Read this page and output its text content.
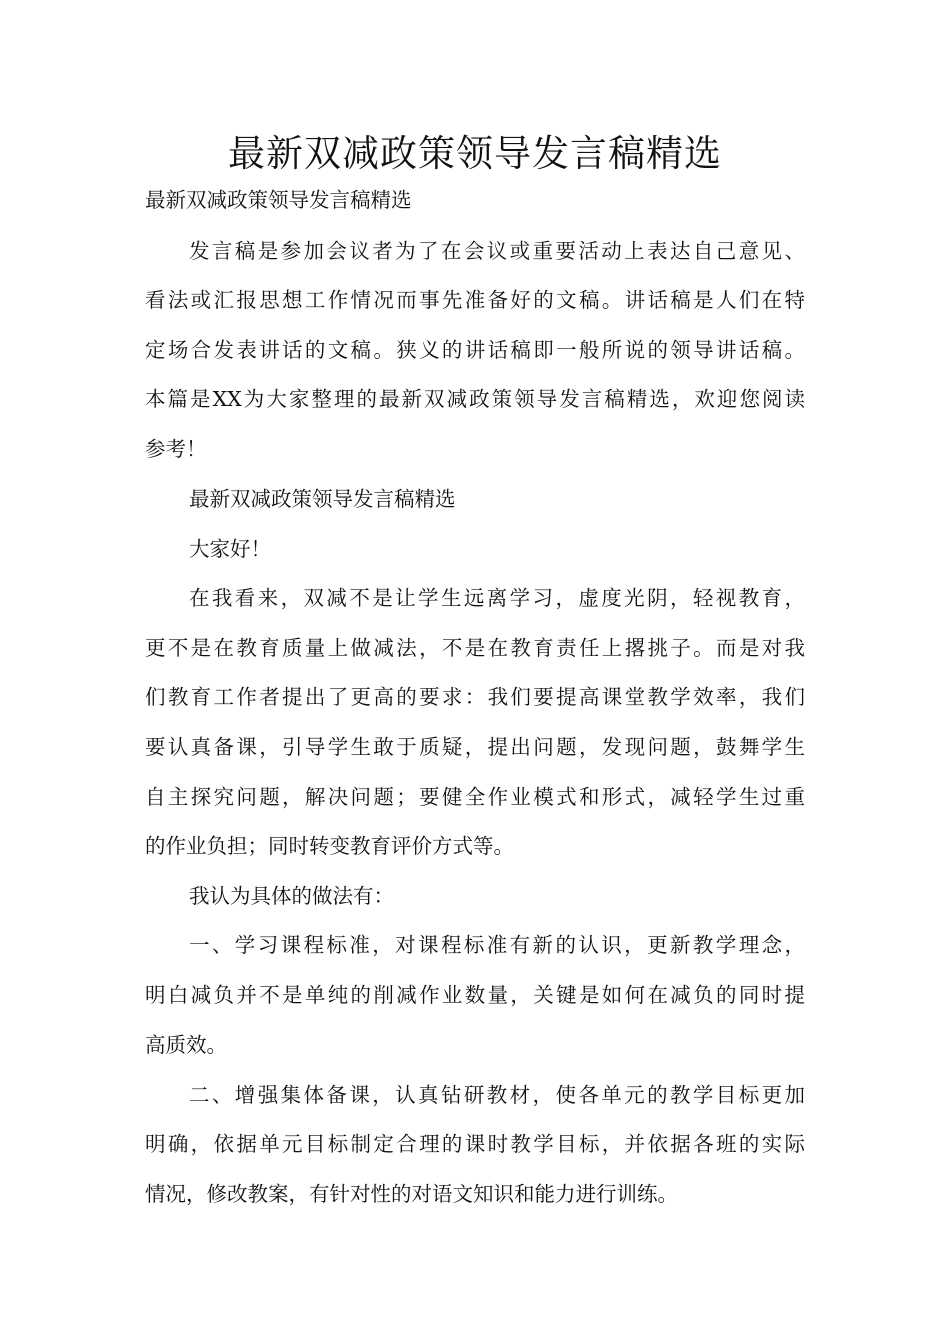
最新双减政策领导发言稿精选
最新双减政策领导发言稿精选
发言稿是参加会议者为了在会议或重要活动上表达自己意见、
看法或汇报思想工作情况而事先准备好的文稿。讲话稿是人们在特
定场合发表讲话的文稿。狭义的讲话稿即一般所说的领导讲话稿。
本篇是XX为大家整理的最新双减政策领导发言稿精选，欢迎您阅读
参考！
最新双减政策领导发言稿精选
大家好！
在我看来，双减不是让学生远离学习，虚度光阴，轻视教育，
更不是在教育质量上做减法，不是在教育责任上撂挑子。而是对我
们教育工作者提出了更高的要求：我们要提高课堂教学效率，我们
要认真备课，引导学生敢于质疑，提出问题，发现问题，鼓舞学生
自主探究问题，解决问题；要健全作业模式和形式，减轻学生过重
的作业负担；同时转变教育评价方式等。
我认为具体的做法有：
一、学习课程标准，对课程标准有新的认识，更新教学理念，
明白减负并不是单纯的削减作业数量，关键是如何在减负的同时提
高质效。
二、增强集体备课，认真钻研教材，使各单元的教学目标更加
明确，依据单元目标制定合理的课时教学目标，并依据各班的实际
情况，修改教案，有针对性的对语文知识和能力进行训练。
